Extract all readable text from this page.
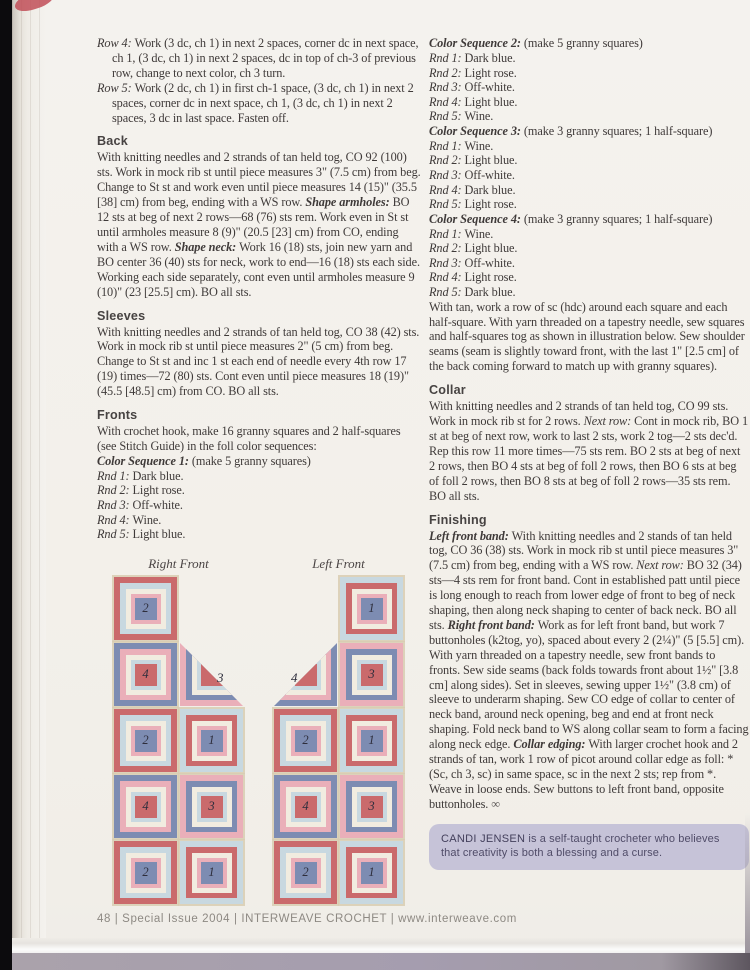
Row 4: Work (3 dc, ch 1) in next 2 spaces, corner dc in next space, ch 1, (3 dc, ch 1) in next 2 spaces, dc in top of ch-3 of previous row, change to next color, ch 3 turn.

Row 5: Work (2 dc, ch 1) in first ch-1 space, (3 dc, ch 1) in next 2 spaces, corner dc in next space, ch 1, (3 dc, ch 1) in next 2 spaces, 3 dc in last space. Fasten off.

Back

With knitting needles and 2 strands of tan held tog, CO 92 (100) sts. Work in mock rib st until piece measures 3" (7.5 cm) from beg. Change to St st and work even until piece measures 14 (15)" (35.5 [38] cm) from beg, ending with a WS row. Shape armholes: BO 12 sts at beg of next 2 rows—68 (76) sts rem. Work even in St st until armholes measure 8 (9)" (20.5 [23] cm) from CO, ending with a WS row. Shape neck: Work 16 (18) sts, join new yarn and BO center 36 (40) sts for neck, work to end—16 (18) sts each side. Working each side separately, cont even until armholes measure 9 (10)" (23 [25.5] cm). BO all sts.

Sleeves

With knitting needles and 2 strands of tan held tog, CO 38 (42) sts. Work in mock rib st until piece measures 2" (5 cm) from beg. Change to St st and inc 1 st each end of needle every 4th row 17 (19) times—72 (80) sts. Cont even until piece measures 18 (19)" (45.5 [48.5] cm) from CO. BO all sts.

Fronts

With crochet hook, make 16 granny squares and 2 half-squares (see Stitch Guide) in the foll color sequences:

Color Sequence 1: (make 5 granny squares)

Rnd 1: Dark blue.
Rnd 2: Light rose.
Rnd 3: Off-white.
Rnd 4: Wine.
Rnd 5: Light blue.

Color Sequence 2: (make 5 granny squares)

Rnd 1: Dark blue.
Rnd 2: Light rose.
Rnd 3: Off-white.
Rnd 4: Light blue.
Rnd 5: Wine.

Color Sequence 3: (make 3 granny squares; 1 half-square)

Rnd 1: Wine.
Rnd 2: Light blue.
Rnd 3: Off-white.
Rnd 4: Dark blue.
Rnd 5: Light rose.

Color Sequence 4: (make 3 granny squares; 1 half-square)

Rnd 1: Wine.
Rnd 2: Light blue.
Rnd 3: Off-white.
Rnd 4: Light rose.
Rnd 5: Dark blue.

With tan, work a row of sc (hdc) around each square and each half-square. With yarn threaded on a tapestry needle, sew squares and half-squares tog as shown in illustration below. Sew shoulder seams (seam is slightly toward front, with the last 1" [2.5 cm] of the back coming forward to match up with granny squares).

Collar

With knitting needles and 2 strands of tan held tog, CO 99 sts. Work in mock rib st for 2 rows. Next row: Cont in mock rib, BO 1 st at beg of next row, work to last 2 sts, work 2 tog—2 sts dec'd. Rep this row 11 more times—75 sts rem. BO 2 sts at beg of next 2 rows, then BO 4 sts at beg of foll 2 rows, then BO 6 sts at beg of foll 2 rows, then BO 8 sts at beg of foll 2 rows—35 sts rem. BO all sts.

Finishing

Left front band: With knitting needles and 2 stands of tan held tog, CO 36 (38) sts. Work in mock rib st until piece measures 3" (7.5 cm) from beg, ending with a WS row. Next row: BO 32 (34) sts—4 sts rem for front band. Cont in established patt until piece is long enough to reach from lower edge of front to beg of neck shaping, then along neck shaping to center of back neck. BO all sts. Right front band: Work as for left front band, but work 7 buttonholes (k2tog, yo), spaced about every 2 (2¼)" (5 [5.5] cm). With yarn threaded on a tapestry needle, sew front bands to fronts. Sew side seams (back folds towards front about 1½" [3.8 cm] along sides). Set in sleeves, sewing upper 1½" (3.8 cm) of sleeve to underarm shaping. Sew CO edge of collar to center of neck band, around neck opening, beg and end at front neck shaping. Fold neck band to WS along collar seam to form a facing along neck edge. Collar edging: With larger crochet hook and 2 strands of tan, work 1 row of picot around collar edge as foll: *(Sc, ch 3, sc) in same space, sc in the next 2 sts; rep from *. Weave in loose ends. Sew buttons to left front band, opposite buttonholes. ∞

CANDI JENSEN is a self-taught crocheter who believes that creativity is both a blessing and a curse.

Right Front	Left Front
2
4	3
2	1
4	3
2	1
1
4	3
2	1
4	3
2	1
48 | Special Issue 2004 | INTERWEAVE CROCHET | www.interweave.com
